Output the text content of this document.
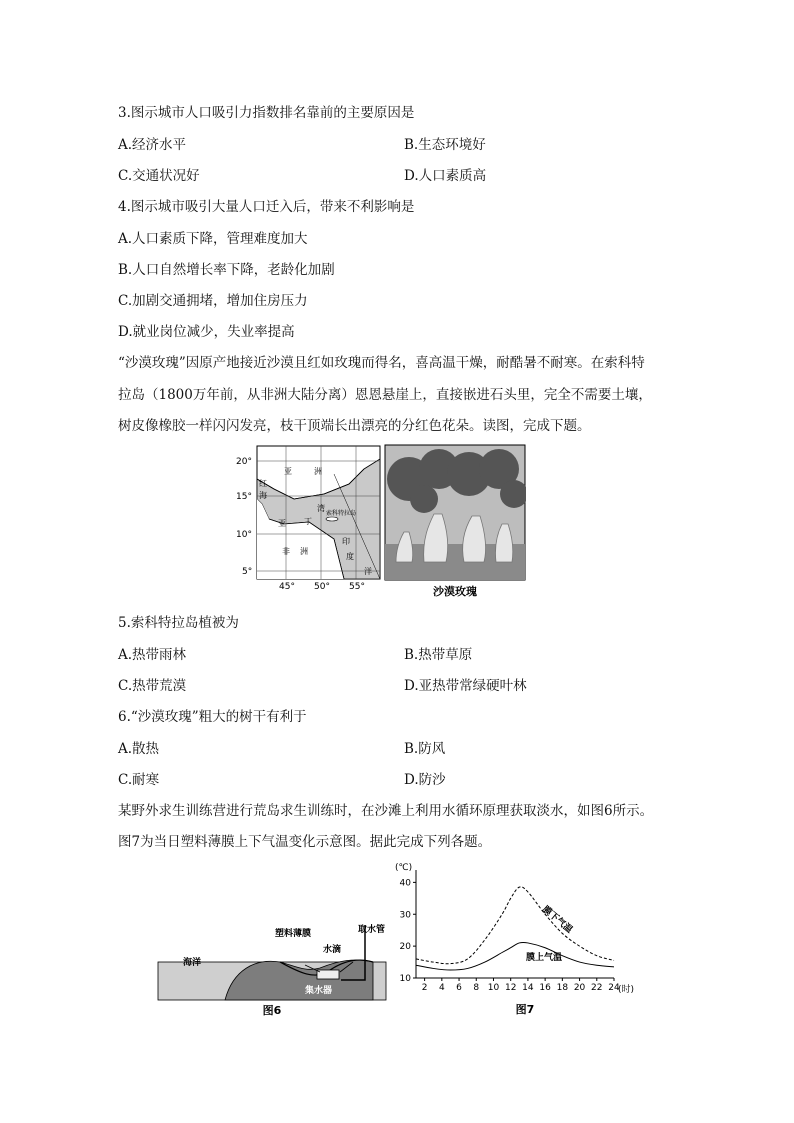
3.图示城市人口吸引力指数排名靠前的主要原因是
A.经济水平	B.生态环境好
C.交通状况好	D.人口素质高
4.图示城市吸引大量人口迁入后，带来不利影响是
A.人口素质下降，管理难度加大
B.人口自然增长率下降，老龄化加剧
C.加剧交通拥堵，增加住房压力
D.就业岗位减少，失业率提高
“沙漠玫瑰”因原产地接近沙漠且红如玫瑰而得名，喜高温干燥，耐酷暑不耐寒。在索科特
拉岛（1800万年前，从非洲大陆分离）恩恩悬崖上，直接嵌进石头里，完全不需要土壤，
树皮像橡胶一样闪闪发亮，枝干顶端长出漂亮的分红色花朵。读图，完成下题。
20°
15°
10°
5°
45° 50° 55°
亚	洲
红
海
亚 丁
湾
非 洲
印
度
洋
索科特拉岛
沙漠玫瑰
5.索科特拉岛植被为
A.热带雨林	B.热带草原
C.热带荒漠	D.亚热带常绿硬叶林
6.“沙漠玫瑰”粗大的树干有利于
A.散热	B.防风
C.耐寒	D.防沙
某野外求生训练营进行荒岛求生训练时，在沙滩上利用水循环原理获取淡水，如图6所示。
图7为当日塑料薄膜上下气温变化示意图。据此完成下列各题。
海洋
塑料薄膜
水滴
取水管
集水器
图6
10
20
30
40
2 4 6 8 10 12 14 16 18 20 22 24
(℃)
(时)
膜下气温
膜上气温
图7
